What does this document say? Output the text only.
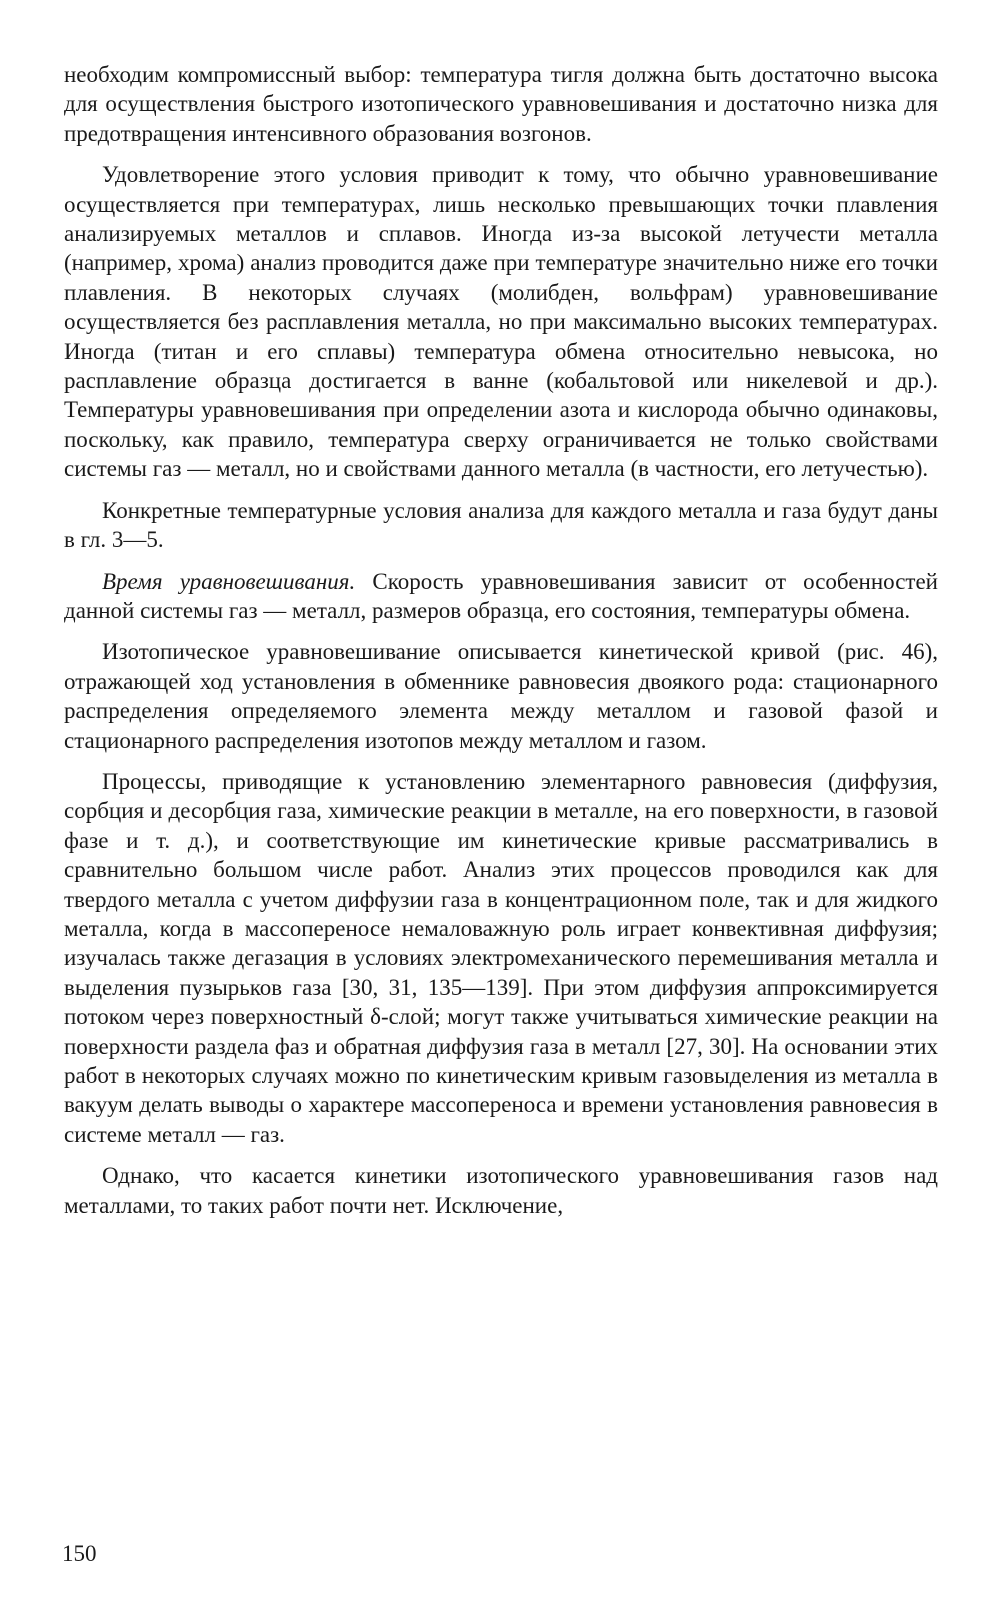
необходим компромиссный выбор: температура тигля должна быть достаточно высока для осуществления быстрого изотопического уравновешивания и достаточно низка для предотвращения интенсивного образования возгонов.

Удовлетворение этого условия приводит к тому, что обычно уравновешивание осуществляется при температурах, лишь несколько превышающих точки плавления анализируемых металлов и сплавов. Иногда из-за высокой летучести металла (например, хрома) анализ проводится даже при температуре значительно ниже его точки плавления. В некоторых случаях (молибден, вольфрам) уравновешивание осуществляется без расплавления металла, но при максимально высоких температурах. Иногда (титан и его сплавы) температура обмена относительно невысока, но расплавление образца достигается в ванне (кобальтовой или никелевой и др.). Температуры уравновешивания при определении азота и кислорода обычно одинаковы, поскольку, как правило, температура сверху ограничивается не только свойствами системы газ — металл, но и свойствами данного металла (в частности, его летучестью).

Конкретные температурные условия анализа для каждого металла и газа будут даны в гл. 3—5.

Время уравновешивания. Скорость уравновешивания зависит от особенностей данной системы газ — металл, размеров образца, его состояния, температуры обмена.

Изотопическое уравновешивание описывается кинетической кривой (рис. 46), отражающей ход установления в обменнике равновесия двоякого рода: стационарного распределения определяемого элемента между металлом и газовой фазой и стационарного распределения изотопов между металлом и газом.

Процессы, приводящие к установлению элементарного равновесия (диффузия, сорбция и десорбция газа, химические реакции в металле, на его поверхности, в газовой фазе и т. д.), и соответствующие им кинетические кривые рассматривались в сравнительно большом числе работ. Анализ этих процессов проводился как для твердого металла с учетом диффузии газа в концентрационном поле, так и для жидкого металла, когда в массопереносе немаловажную роль играет конвективная диффузия; изучалась также дегазация в условиях электромеханического перемешивания металла и выделения пузырьков газа [30, 31, 135—139]. При этом диффузия аппроксимируется потоком через поверхностный δ-слой; могут также учитываться химические реакции на поверхности раздела фаз и обратная диффузия газа в металл [27, 30]. На основании этих работ в некоторых случаях можно по кинетическим кривым газовыделения из металла в вакуум делать выводы о характере массопереноса и времени установления равновесия в системе металл — газ.

Однако, что касается кинетики изотопического уравновешивания газов над металлами, то таких работ почти нет. Исключение,

150
